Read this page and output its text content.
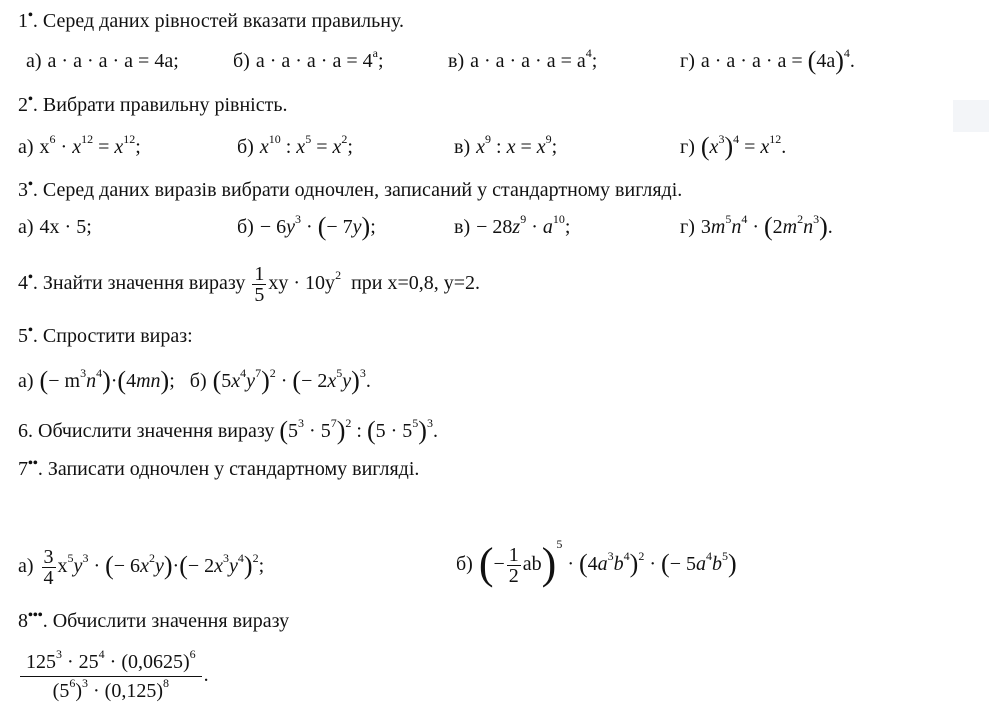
1•. Серед даних рівностей вказати правильну.
а) a · a · a · a = 4a;	б) $a \cdot a \cdot a \cdot a = 4^a$;	в) $a \cdot a \cdot a \cdot a = a^4$;	г) $a \cdot a \cdot a \cdot a = (4a)^4$.
2•. Вибрати правильну рівність.
а) $x^6 \cdot x^{12} = x^{12}$;	б) $x^{10}$ : $x^5 = x^2$;	в) $x^9$ : $x = x^9$;	г) $(x^3)^4 = x^{12}$.
3•. Серед даних виразів вибрати одночлен, записаний у стандартному вигляді.
а) 4x · 5;	$б) - 6y^3$ · (− 7y);	$в) - 28z^9 \cdot a^{10}$;	г) $3m^5n^4 \cdot (2m^2n^3)$.
4•. Знайти значення виразу $\frac{1}{5}$ xy · $10y^2$ при x=0,8, y=2.
5•. Спростити вираз:
а) (− $m^3n^4)\cdot(4mn)$;   б) $(5x^4y^7)^2$ · (− $2x^5y)^3$.
6. Обчислити значення виразу $(5^3 \cdot 5^7)^2$ : $(5 \cdot 5^5)^3$.
7••. Записати одночлен у стандартному вигляді.
$а) \frac{3}{4} x^5y^3$ · (− $6x^2y)\cdot(- 2x^3y^4)^2$;	б) (− $\frac{1}{2} ab)^5 \cdot (4a^3b^4)^2$ · (− $5a^4b^5$)
8•••. Обчислити значення виразу
$\frac{125^3 \cdot 25^4 \cdot (0,0625)^6}{(5^6)^3 \cdot (0,125)^8}$ .
